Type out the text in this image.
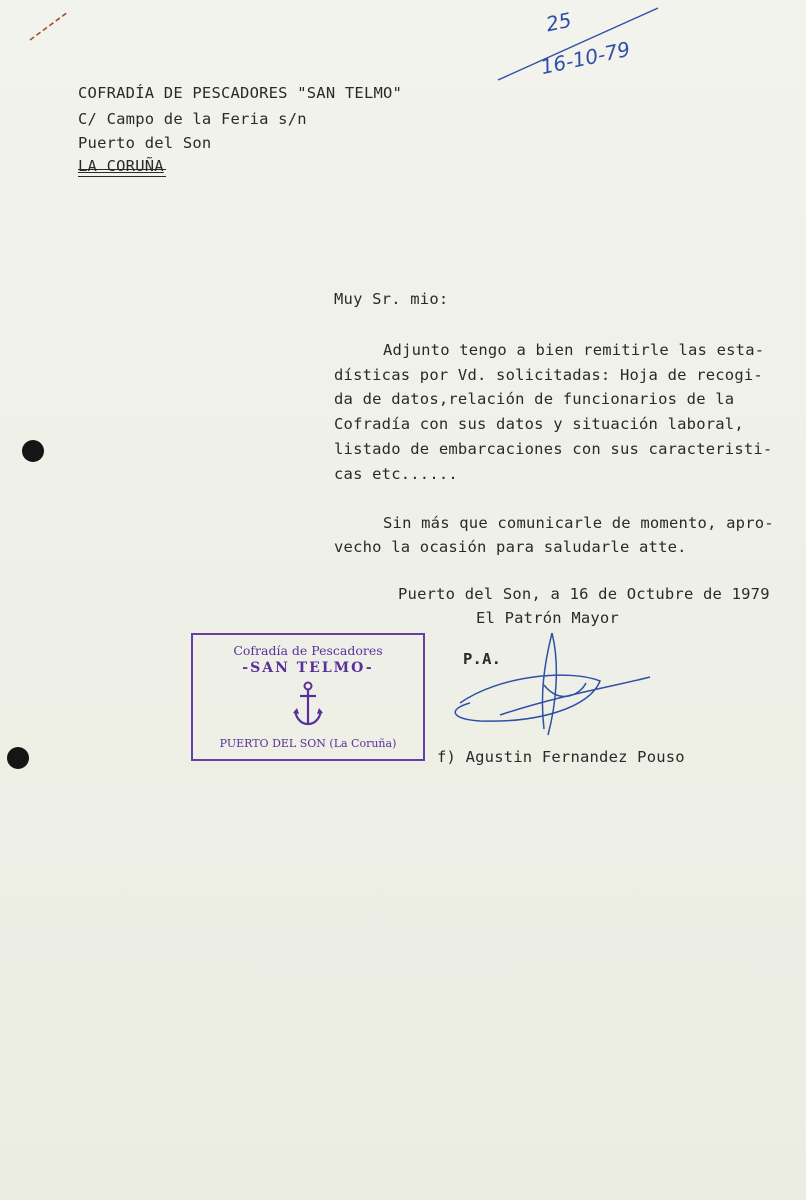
25
16-10-79
COFRADÍA DE PESCADORES "SAN TELMO"
C/ Campo de la Feria s/n
Puerto del Son
LA CORUÑA
Muy Sr. mio:
Adjunto tengo a bien remitirle las esta-
dísticas por Vd. solicitadas: Hoja de recogi-
da de datos,relación de funcionarios de la
Cofradía con sus datos y situación laboral,
listado de embarcaciones con sus caracteristi-
cas etc......
Sin más que comunicarle de momento, apro-
vecho la ocasión para saludarle atte.
Puerto del Son, a 16 de Octubre de 1979
El Patrón Mayor
P.A.
f) Agustin Fernandez Pouso
Cofradía de Pescadores
-SAN TELMO-
PUERTO DEL SON (La Coruña)
